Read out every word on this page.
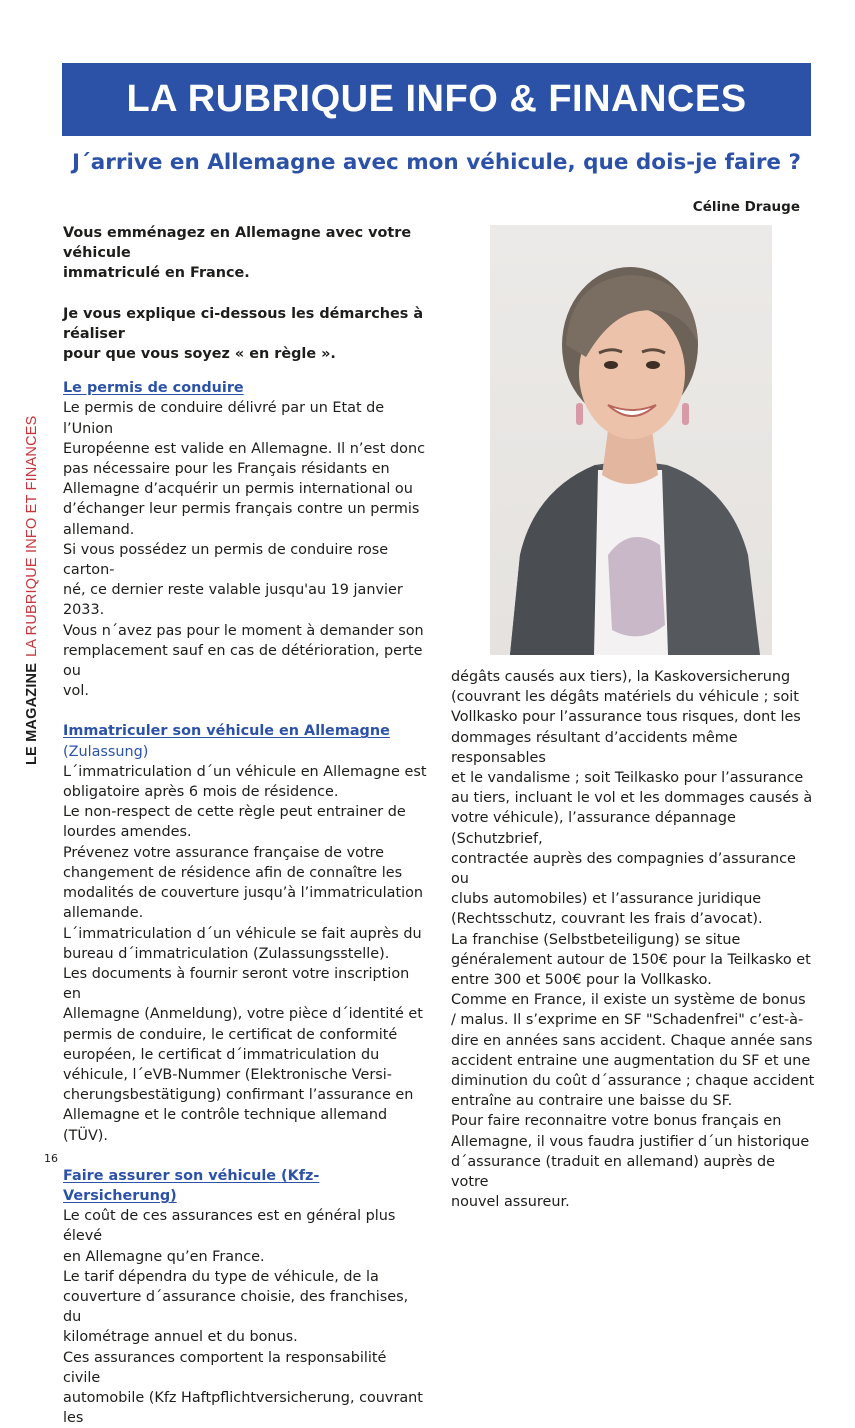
LA RUBRIQUE INFO & FINANCES
J´arrive en Allemagne avec mon véhicule, que dois-je faire ?

Céline Drauge

LE MAGAZINELA RUBRIQUE INFO ET FINANCES

Vous emménagez en Allemagne avec votre véhicule

immatriculé en France.

Je vous explique ci-dessous les démarches à réaliser

pour que vous soyez « en règle ».

Le permis de conduire

Le permis de conduire délivré par un Etat de l’Union

Européenne est valide en Allemagne. Il n’est donc

pas nécessaire pour les Français résidants en

Allemagne d’acquérir un permis international ou

d’échanger leur permis français contre un permis

allemand.

Si vous possédez un permis de conduire rose carton-

né, ce dernier reste valable jusqu'au 19 janvier 2033.

Vous n´avez pas pour le moment à demander son

remplacement sauf en cas de détérioration, perte ou

vol.

Immatriculer son véhicule en Allemagne (Zulassung)

L´immatriculation d´un véhicule en Allemagne est

obligatoire après 6 mois de résidence.

Le non-respect de cette règle peut entrainer de

lourdes amendes.

Prévenez votre assurance française de votre

changement de résidence afin de connaître les

modalités de couverture jusqu’à l’immatriculation

allemande.

L´immatriculation d´un véhicule se fait auprès du

bureau d´immatriculation (Zulassungsstelle).

Les documents à fournir seront votre inscription en

Allemagne (Anmeldung), votre pièce d´identité et

permis de conduire, le certificat de conformité

européen, le certificat d´immatriculation du

véhicule, l´eVB-Nummer (Elektronische Versi-

cherungsbestätigung) confirmant l’assurance en

Allemagne et le contrôle technique allemand (TÜV).

Faire assurer son véhicule (Kfz-Versicherung)

Le coût de ces assurances est en général plus élevé

en Allemagne qu’en France.

Le tarif dépendra du type de véhicule, de la

couverture d´assurance choisie, des franchises, du

kilométrage annuel et du bonus.

Ces assurances comportent la responsabilité civile

automobile (Kfz Haftpflichtversicherung, couvrant les

dégâts causés aux tiers), la Kaskoversicherung

(couvrant les dégâts matériels du véhicule ; soit

Vollkasko pour l’assurance tous risques, dont les

dommages résultant d’accidents même responsables

et le vandalisme ; soit Teilkasko pour l’assurance

au tiers, incluant le vol et les dommages causés à

votre véhicule), l’assurance dépannage (Schutzbrief,

contractée auprès des compagnies d’assurance ou

clubs automobiles) et l’assurance juridique

(Rechtsschutz, couvrant les frais d’avocat).

La franchise (Selbstbeteiligung) se situe

généralement autour de 150€ pour la Teilkasko et

entre 300 et 500€ pour la Vollkasko.

Comme en France, il existe un système de bonus

/ malus. Il s’exprime en SF "Schadenfrei" c’est-à-

dire en années sans accident. Chaque année sans

accident entraine une augmentation du SF et une

diminution du coût d´assurance ; chaque accident

entraîne au contraire une baisse du SF.

Pour faire reconnaitre votre bonus français en

Allemagne, il vous faudra justifier d´un historique

d´assurance (traduit en allemand) auprès de votre

nouvel assureur.

16
